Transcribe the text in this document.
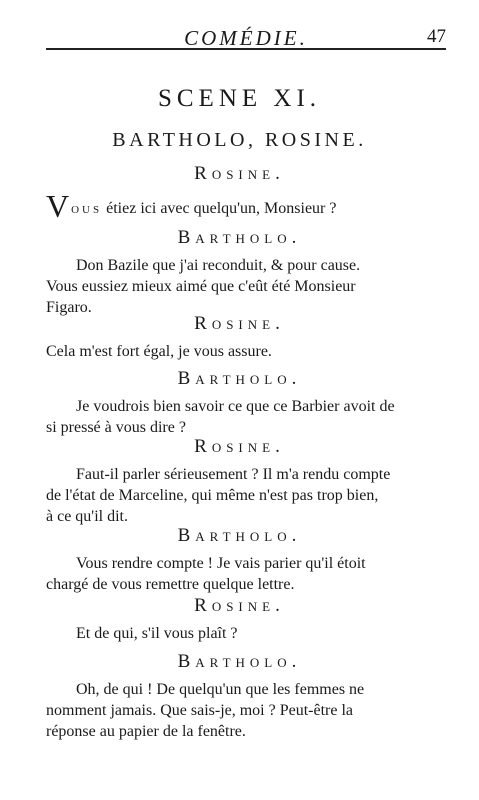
COMÉDIE.	47
SCENE XI.
BARTHOLO, ROSINE.
Rosine.
Vous étiez ici avec quelqu'un, Monsieur ?
Bartholo.
Don Bazile que j'ai reconduit, & pour cause.
Vous eussiez mieux aimé que c'eût été Monsieur
Figaro.
Rosine.
Cela m'est fort égal, je vous assure.
Bartholo.
Je voudrois bien savoir ce que ce Barbier avoit de
si pressé à vous dire ?
Rosine.
Faut-il parler sérieusement ? Il m'a rendu compte
de l'état de Marceline, qui même n'est pas trop bien,
à ce qu'il dit.
Bartholo.
Vous rendre compte ! Je vais parier qu'il étoit
chargé de vous remettre quelque lettre.
Rosine.
Et de qui, s'il vous plaît ?
Bartholo.
Oh, de qui ! De quelqu'un que les femmes ne
nomment jamais. Que sais-je, moi ? Peut-être la
réponse au papier de la fenêtre.
